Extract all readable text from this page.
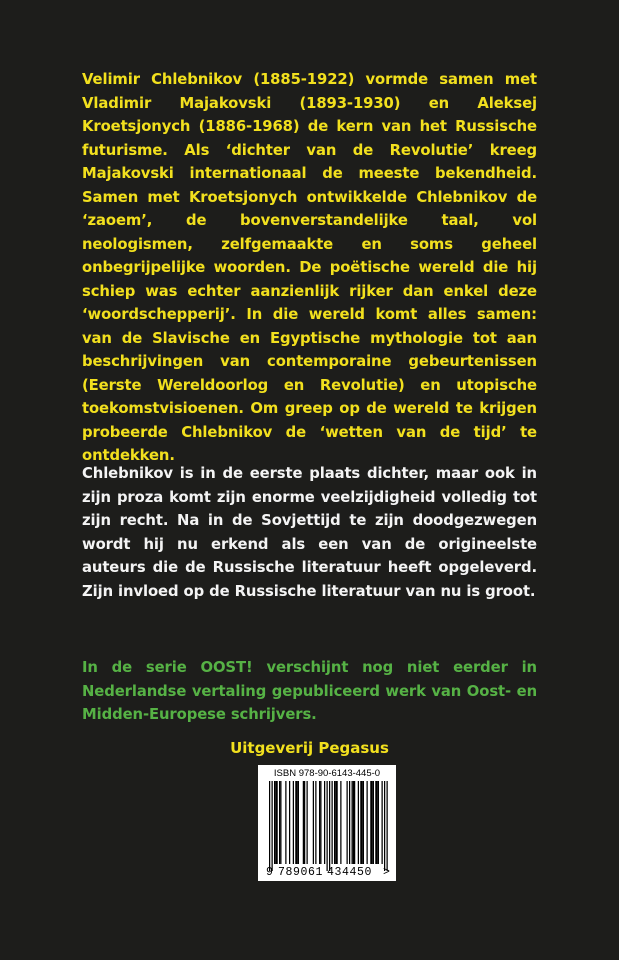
Velimir Chlebnikov (1885-1922) vormde samen met Vladimir Majakovski (1893-1930) en Aleksej Kroetsjonych (1886-1968) de kern van het Russische futurisme. Als ‘dichter van de Revolutie’ kreeg Majakovski internationaal de meeste bekendheid. Samen met Kroetsjonych ontwikkelde Chlebnikov de ‘zaoem’, de bovenverstandelijke taal, vol neologismen, zelfgemaakte en soms geheel onbegrijpelijke woorden. De poëtische wereld die hij schiep was echter aanzienlijk rijker dan enkel deze ‘woordschepperij’. In die wereld komt alles samen: van de Slavische en Egyptische mythologie tot aan beschrijvingen van contemporaine gebeurtenissen (Eerste Wereldoorlog en Revolutie) en utopische toekomstvisioenen. Om greep op de wereld te krijgen probeerde Chlebnikov de ‘wetten van de tijd’ te ontdekken.

Chlebnikov is in de eerste plaats dichter, maar ook in zijn proza komt zijn enorme veelzijdigheid volledig tot zijn recht. Na in de Sovjettijd te zijn doodgezwegen wordt hij nu erkend als een van de origineelste auteurs die de Russische literatuur heeft opgeleverd. Zijn invloed op de Russische literatuur van nu is groot.

In de serie OOST! verschijnt nog niet eerder in Nederlandse vertaling gepubliceerd werk van Oost- en Midden-Europese schrijvers.

Uitgeverij Pegasus
ISBN 978-90-6143-445-0
9 789061 434450 >
